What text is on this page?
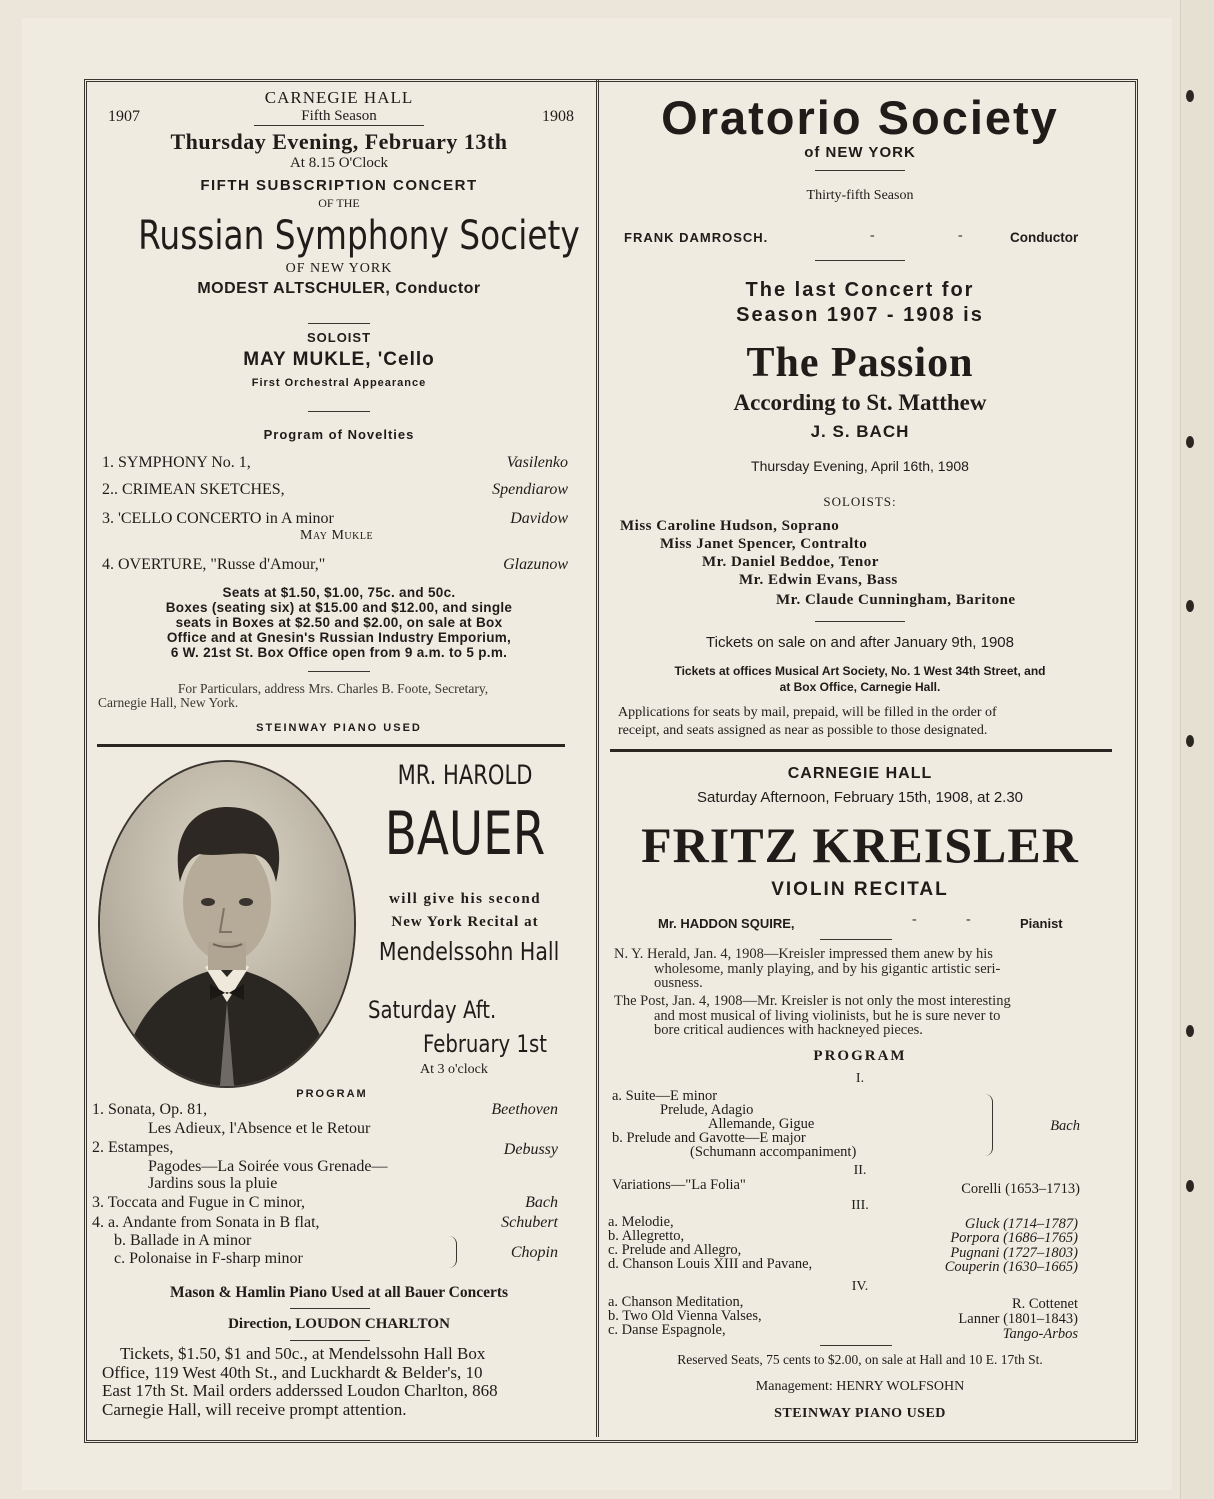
CARNEGIE HALL
1907	Fifth Season	1908
Thursday Evening, February 13th
At 8.15 O'Clock
FIFTH SUBSCRIPTION CONCERT
OF THE
Russian Symphony Society
OF NEW YORK
MODEST ALTSCHULER, Conductor
SOLOIST
MAY MUKLE, 'Cello
First Orchestral Appearance
Program of Novelties
1. SYMPHONY No. 1,	Vasilenko
2.. CRIMEAN SKETCHES,	Spendiarow
3. 'CELLO CONCERTO in A minor	Davidow
May Mukle
4. OVERTURE, "Russe d'Amour,"	Glazunow
Seats at $1.50, $1.00, 75c. and 50c.
Boxes (seating six) at $15.00 and $12.00, and single
seats in Boxes at $2.50 and $2.00, on sale at Box
Office and at Gnesin's Russian Industry Emporium,
6 W. 21st St. Box Office open from 9 a.m. to 5 p.m.
For Particulars, address Mrs. Charles B. Foote, Secretary,
Carnegie Hall, New York.
STEINWAY PIANO USED
MR. HAROLD
BAUER
will give his second
New York Recital at
Mendelssohn Hall
Saturday Aft.
February 1st
At 3 o'clock
PROGRAM
1. Sonata, Op. 81,	Beethoven
Les Adieux, l'Absence et le Retour
2. Estampes,	Debussy
Pagodes—La Soirée vous Grenade—
Jardins sous la pluie
3. Toccata and Fugue in C minor,	Bach
4. a. Andante from Sonata in B flat,	Schubert
b. Ballade in A minor
c. Polonaise in F-sharp minor	Chopin
Mason & Hamlin Piano Used at all Bauer Concerts
Direction, LOUDON CHARLTON
Tickets, $1.50, $1 and 50c., at Mendelssohn Hall Box
Office, 119 West 40th St., and Luckhardt & Belder's, 10
East 17th St. Mail orders adderssed Loudon Charlton, 868
Carnegie Hall, will receive prompt attention.
Oratorio Society
of NEW YORK
Thirty-fifth Season
FRANK DAMROSCH.	-	-	Conductor
The last Concert for
Season 1907 - 1908 is
The Passion
According to St. Matthew
J. S. BACH
Thursday Evening, April 16th, 1908
SOLOISTS:
Miss Caroline Hudson, Soprano
Miss Janet Spencer, Contralto
Mr. Daniel Beddoe, Tenor
Mr. Edwin Evans, Bass
Mr. Claude Cunningham, Baritone
Tickets on sale on and after January 9th, 1908
Tickets at offices Musical Art Society, No. 1 West 34th Street, and
at Box Office, Carnegie Hall.
Applications for seats by mail, prepaid, will be filled in the order of
receipt, and seats assigned as near as possible to those designated.
CARNEGIE HALL
Saturday Afternoon, February 15th, 1908, at 2.30
FRITZ KREISLER
VIOLIN RECITAL
Mr. HADDON SQUIRE,	-	-	Pianist
N. Y. Herald, Jan. 4, 1908—Kreisler impressed them anew by his
wholesome, manly playing, and by his gigantic artistic seri-
ousness.
The Post, Jan. 4, 1908—Mr. Kreisler is not only the most interesting
and most musical of living violinists, but he is sure never to
bore critical audiences with hackneyed pieces.
PROGRAM
I.
a. Suite—E minor
Prelude, Adagio
Allemande, Gigue
b. Prelude and Gavotte—E major
(Schumann accompaniment)
Bach
II.
Variations—"La Folia"	Corelli (1653–1713)
III.
a. Melodie,	Gluck (1714–1787)
b. Allegretto,	Porpora (1686–1765)
c. Prelude and Allegro,	Pugnani (1727–1803)
d. Chanson Louis XIII and Pavane,	Couperin (1630–1665)
IV.
a. Chanson Meditation,	R. Cottenet
b. Two Old Vienna Valses,	Lanner (1801–1843)
c. Danse Espagnole,	Tango-Arbos
Reserved Seats, 75 cents to $2.00, on sale at Hall and 10 E. 17th St.
Management: HENRY WOLFSOHN
STEINWAY PIANO USED
